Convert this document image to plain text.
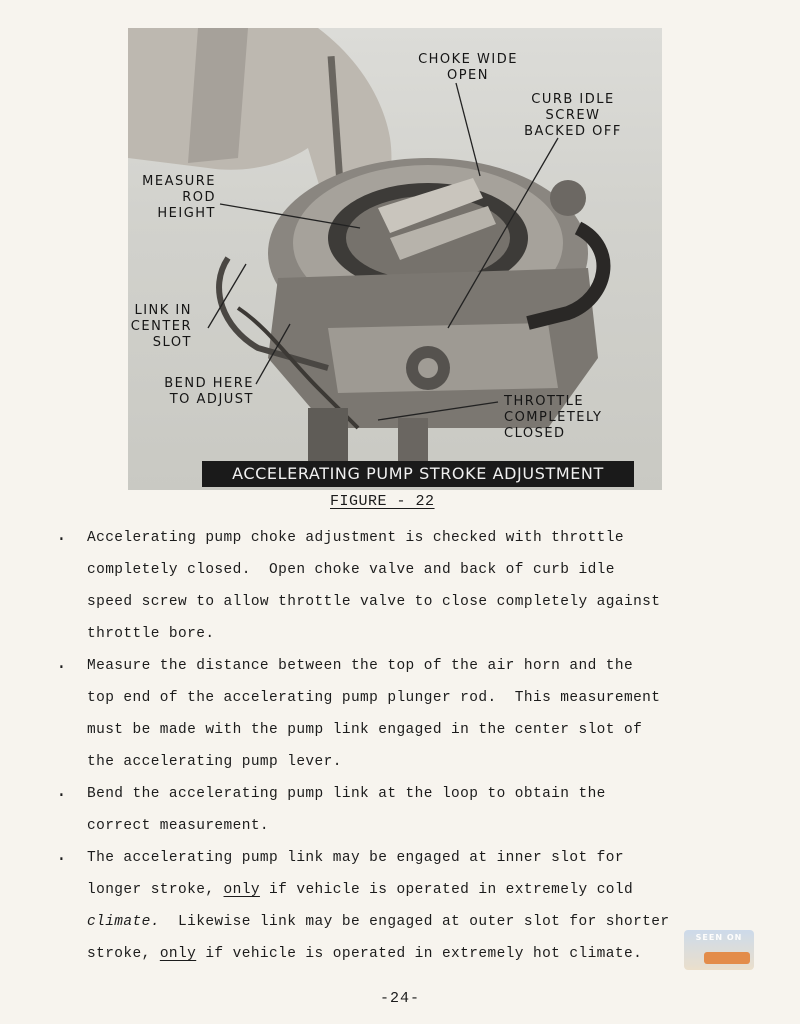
CHOKE WIDE
OPEN
CURB IDLE
SCREW
BACKED OFF
MEASURE
ROD
HEIGHT
LINK IN
CENTER
SLOT
BEND HERE
TO ADJUST	THROTTLE
COMPLETELY
CLOSED
ACCELERATING PUMP STROKE ADJUSTMENT
FIGURE - 22
. Accelerating pump choke adjustment is checked with throttle
completely closed.  Open choke valve and back of curb idle
speed screw to allow throttle valve to close completely against
throttle bore.
. Measure the distance between the top of the air horn and the
top end of the accelerating pump plunger rod.  This measurement
must be made with the pump link engaged in the center slot of
the accelerating pump lever.
. Bend the accelerating pump link at the loop to obtain the
correct measurement.
. The accelerating pump link may be engaged at inner slot for
longer stroke, only if vehicle is operated in extremely cold
climate.  Likewise link may be engaged at outer slot for shorter
stroke, only if vehicle is operated in extremely hot climate.
SEEN ON
-24-
